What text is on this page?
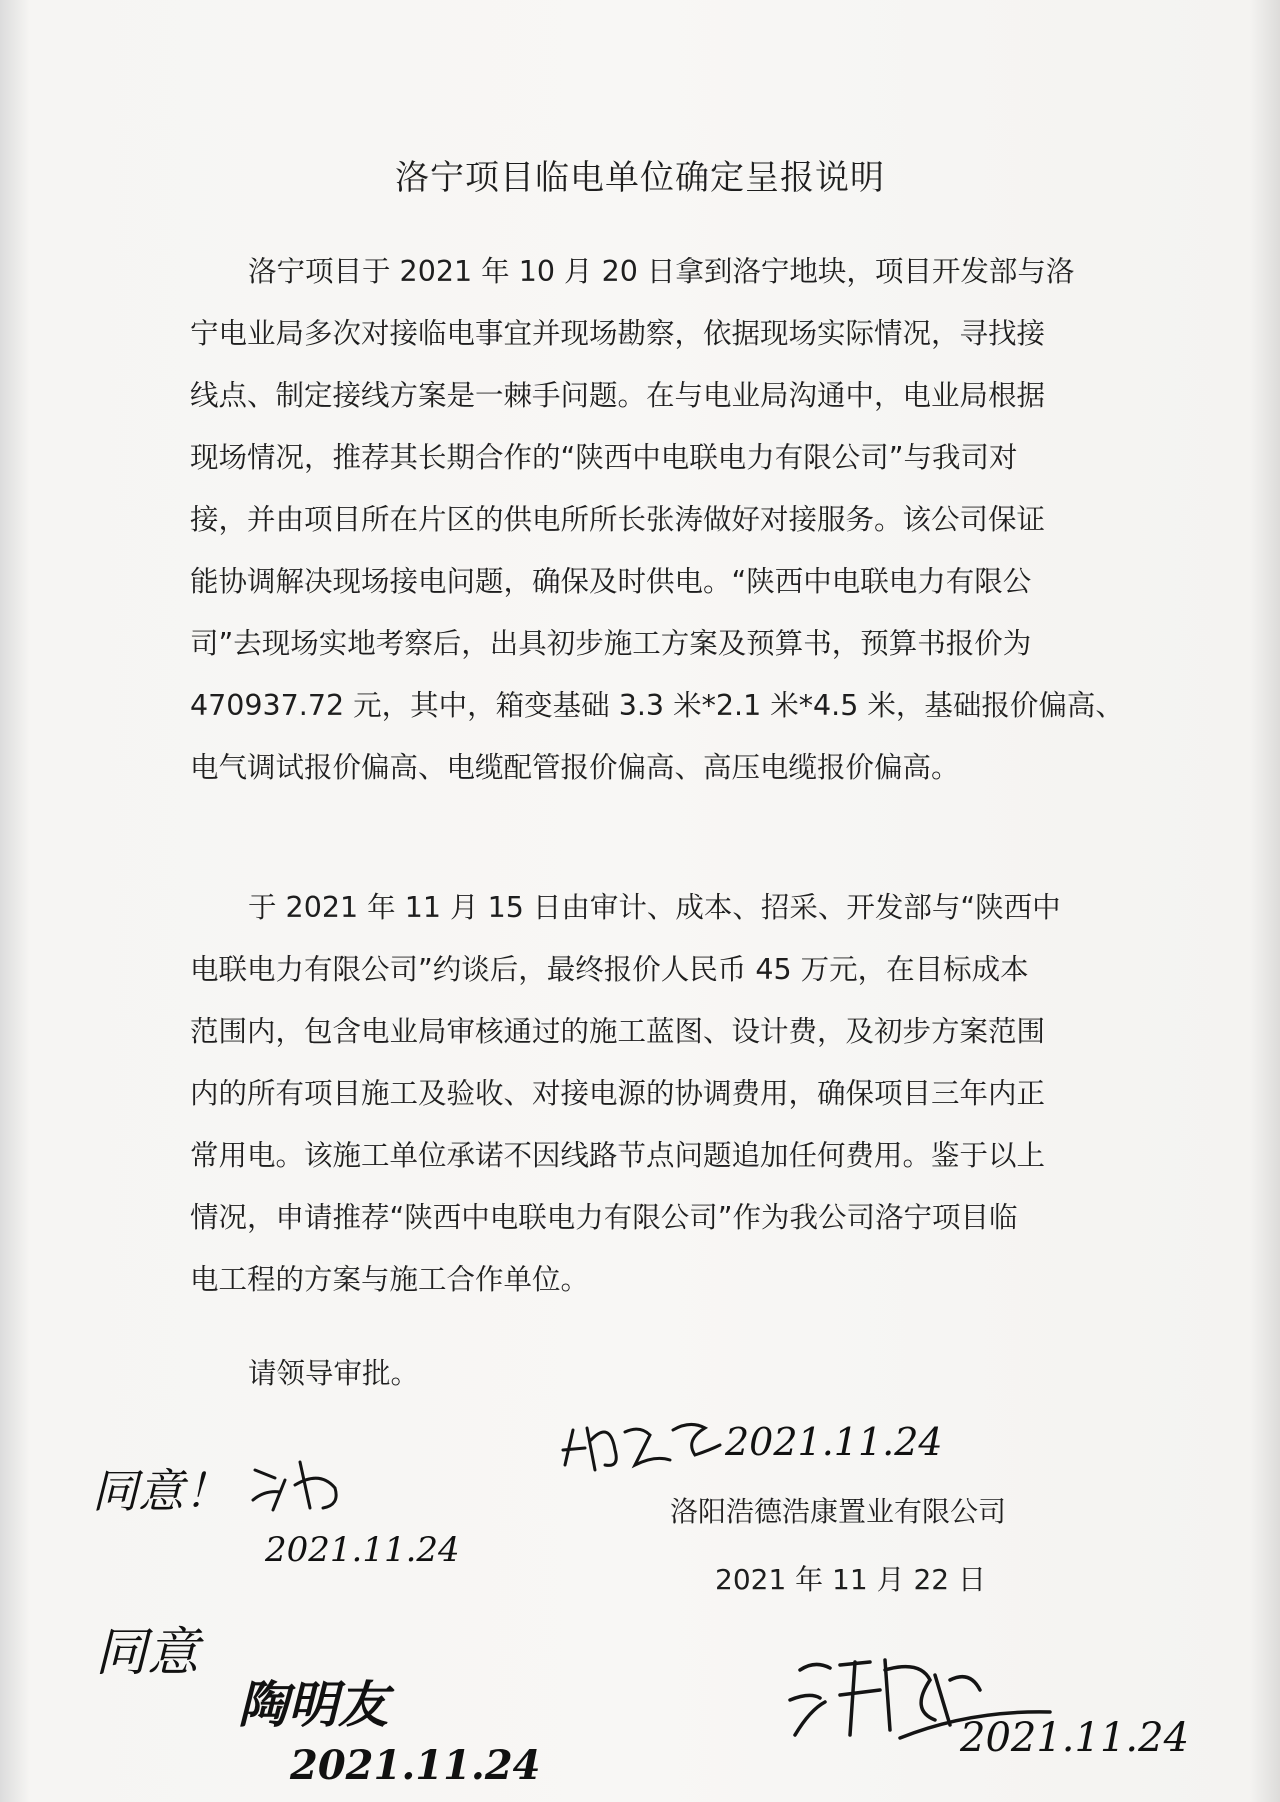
洛宁项目临电单位确定呈报说明
洛宁项目于 2021 年 10 月 20 日拿到洛宁地块，项目开发部与洛
宁电业局多次对接临电事宜并现场勘察，依据现场实际情况，寻找接
线点、制定接线方案是一棘手问题。在与电业局沟通中，电业局根据
现场情况，推荐其长期合作的“陕西中电联电力有限公司”与我司对
接，并由项目所在片区的供电所所长张涛做好对接服务。该公司保证
能协调解决现场接电问题，确保及时供电。“陕西中电联电力有限公
司”去现场实地考察后，出具初步施工方案及预算书，预算书报价为
470937.72 元，其中，箱变基础 3.3 米*2.1 米*4.5 米，基础报价偏高、
电气调试报价偏高、电缆配管报价偏高、高压电缆报价偏高。
于 2021 年 11 月 15 日由审计、成本、招采、开发部与“陕西中
电联电力有限公司”约谈后，最终报价人民币 45 万元，在目标成本
范围内，包含电业局审核通过的施工蓝图、设计费，及初步方案范围
内的所有项目施工及验收、对接电源的协调费用，确保项目三年内正
常用电。该施工单位承诺不因线路节点问题追加任何费用。鉴于以上
情况，申请推荐“陕西中电联电力有限公司”作为我公司洛宁项目临
电工程的方案与施工合作单位。
请领导审批。
洛阳浩德浩康置业有限公司
2021 年 11 月 22 日
2021.11.24
同意！
2021.11.24
同意
陶明友
2021.11.24
2021.11.24
